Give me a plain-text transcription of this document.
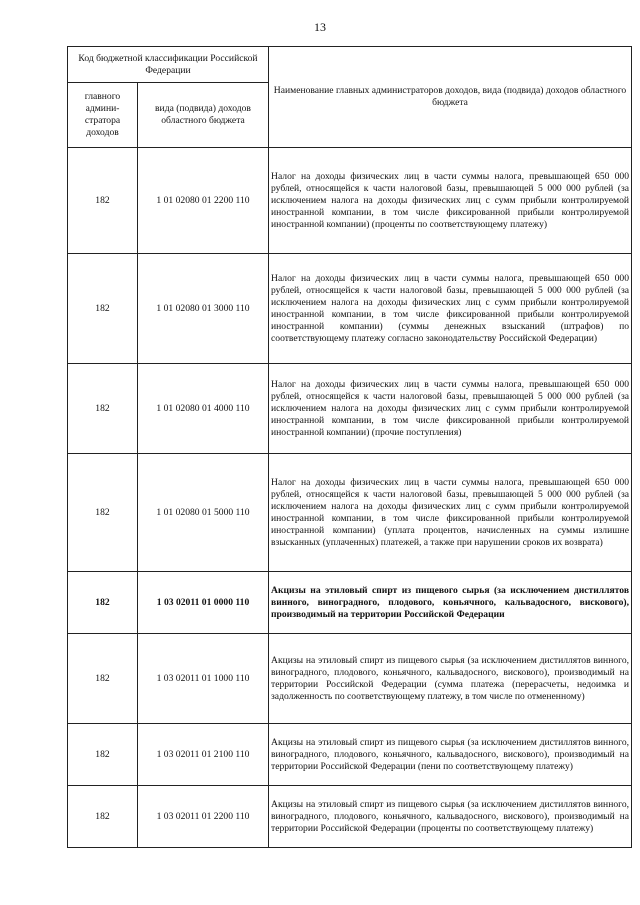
13
Код бюджетной классификации Российской Федерации		Наименование главных администраторов доходов, вида (подвида) доходов областного бюджета
главного админи-стратора доходов	вида (подвида) доходов областного бюджета	
182	1 01 02080 01 2200 110	Налог на доходы физических лиц в части суммы налога, превышающей 650 000 рублей, относящейся к части налоговой базы, превышающей 5 000 000 рублей (за исключением налога на доходы физических лиц с сумм прибыли контролируемой иностранной компании, в том числе фиксированной прибыли контролируемой иностранной компании) (проценты по соответствующему платежу)
182	1 01 02080 01 3000 110	Налог на доходы физических лиц в части суммы налога, превышающей 650 000 рублей, относящейся к части налоговой базы, превышающей 5 000 000 рублей (за исключением налога на доходы физических лиц с сумм прибыли контролируемой иностранной компании, в том числе фиксированной прибыли контролируемой иностранной компании) (суммы денежных взысканий (штрафов) по соответствующему платежу согласно законодательству Российской Федерации)
182	1 01 02080 01 4000 110	Налог на доходы физических лиц в части суммы налога, превышающей 650 000 рублей, относящейся к части налоговой базы, превышающей 5 000 000 рублей (за исключением налога на доходы физических лиц с сумм прибыли контролируемой иностранной компании, в том числе фиксированной прибыли контролируемой иностранной компании) (прочие поступления)
182	1 01 02080 01 5000 110	Налог на доходы физических лиц в части суммы налога, превышающей 650 000 рублей, относящейся к части налоговой базы, превышающей 5 000 000 рублей (за исключением налога на доходы физических лиц с сумм прибыли контролируемой иностранной компании, в том числе фиксированной прибыли контролируемой иностранной компании) (уплата процентов, начисленных на суммы излишне взысканных (уплаченных) платежей, а также при нарушении сроков их возврата)
182	1 03 02011 01 0000 110	Акцизы на этиловый спирт из пищевого сырья (за исключением дистиллятов винного, виноградного, плодового, коньячного, кальвадосного, вискового), производимый на территории Российской Федерации
182	1 03 02011 01 1000 110	Акцизы на этиловый спирт из пищевого сырья (за исключением дистиллятов винного, виноградного, плодового, коньячного, кальвадосного, вискового), производимый на территории Российской Федерации (сумма платежа (перерасчеты, недоимка и задолженность по соответствующему платежу, в том числе по отмененному)
182	1 03 02011 01 2100 110	Акцизы на этиловый спирт из пищевого сырья (за исключением дистиллятов винного, виноградного, плодового, коньячного, кальвадосного, вискового), производимый на территории Российской Федерации (пени по соответствующему платежу)
182	1 03 02011 01 2200 110	Акцизы на этиловый спирт из пищевого сырья (за исключением дистиллятов винного, виноградного, плодового, коньячного, кальвадосного, вискового), производимый на территории Российской Федерации (проценты по соответствующему платежу)
